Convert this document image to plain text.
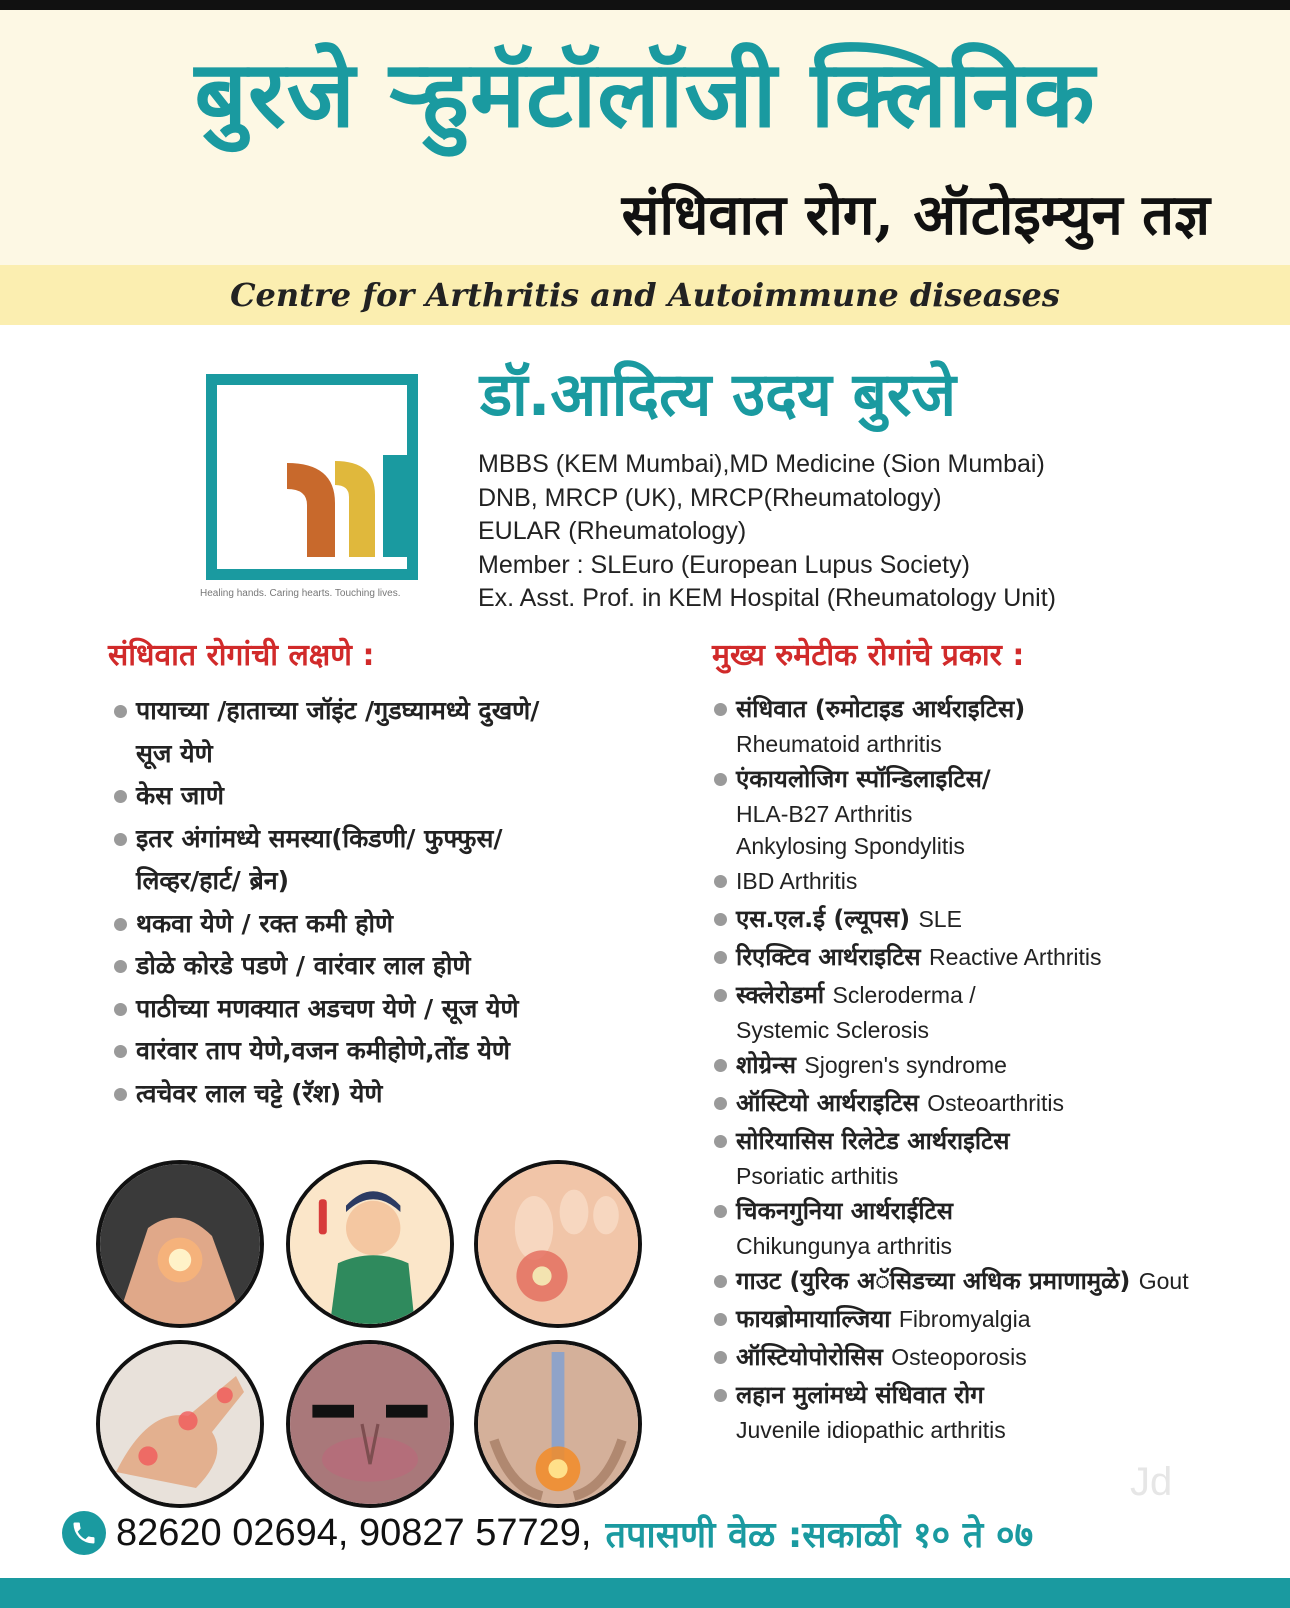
बुरजे ऱ्हुमॅटॉलॉजी क्लिनिक
संधिवात रोग, ऑटोइम्युन तज्ञ
Centre for Arthritis and Autoimmune diseases
Healing hands. Caring hearts. Touching lives.
डॉ.आदित्य उदय बुरजे
MBBS (KEM Mumbai),MD Medicine (Sion Mumbai)
DNB, MRCP (UK), MRCP(Rheumatology)
EULAR (Rheumatology)
Member : SLEuro (European Lupus Society)
Ex. Asst. Prof. in KEM Hospital (Rheumatology Unit)
संधिवात रोगांची लक्षणे :	मुख्य रुमेटीक रोगांचे प्रकार :
पायाच्या /हाताच्या जॉइंट /गुडघ्यामध्ये दुखणे/
सूज येणे
केस जाणे
इतर अंगांमध्ये समस्या(किडणी/ फुफ्फुस/
लिव्हर/हार्ट/ ब्रेन)
थकवा येणे / रक्त कमी होणे
डोळे कोरडे पडणे / वारंवार लाल होणे
पाठीच्या मणक्यात अडचण येणे / सूज येणे
वारंवार ताप येणे,वजन कमीहोणे,तोंड येणे
त्वचेवर लाल चट्टे (रॅश) येणे
संधिवात (रुमोटाइड आर्थराइटिस)
Rheumatoid arthritis
एंकायलोजिग स्पॉन्डिलाइटिस/
HLA-B27 Arthritis
Ankylosing Spondylitis
IBD Arthritis
एस.एल.ई (ल्यूपस) SLE
रिएक्टिव आर्थराइटिस Reactive Arthritis
स्क्लेरोडर्मा Scleroderma /
Systemic Sclerosis
शोग्रेन्स Sjogren's syndrome
ऑस्टियो आर्थराइटिस Osteoarthritis
सोरियासिस रिलेटेड आर्थराइटिस
Psoriatic arthitis
चिकनगुनिया आर्थराईटिस
Chikungunya arthritis
गाउट (युरिक अॅसिडच्या अधिक प्रमाणामुळे) Gout
फायब्रोमायाल्जिया Fibromyalgia
ऑस्टियोपोरोसिस Osteoporosis
लहान मुलांमध्ये संधिवात रोग
Juvenile idiopathic arthritis
Jd
82620 02694, 90827 57729, तपासणी वेळ :सकाळी १० ते ०७
